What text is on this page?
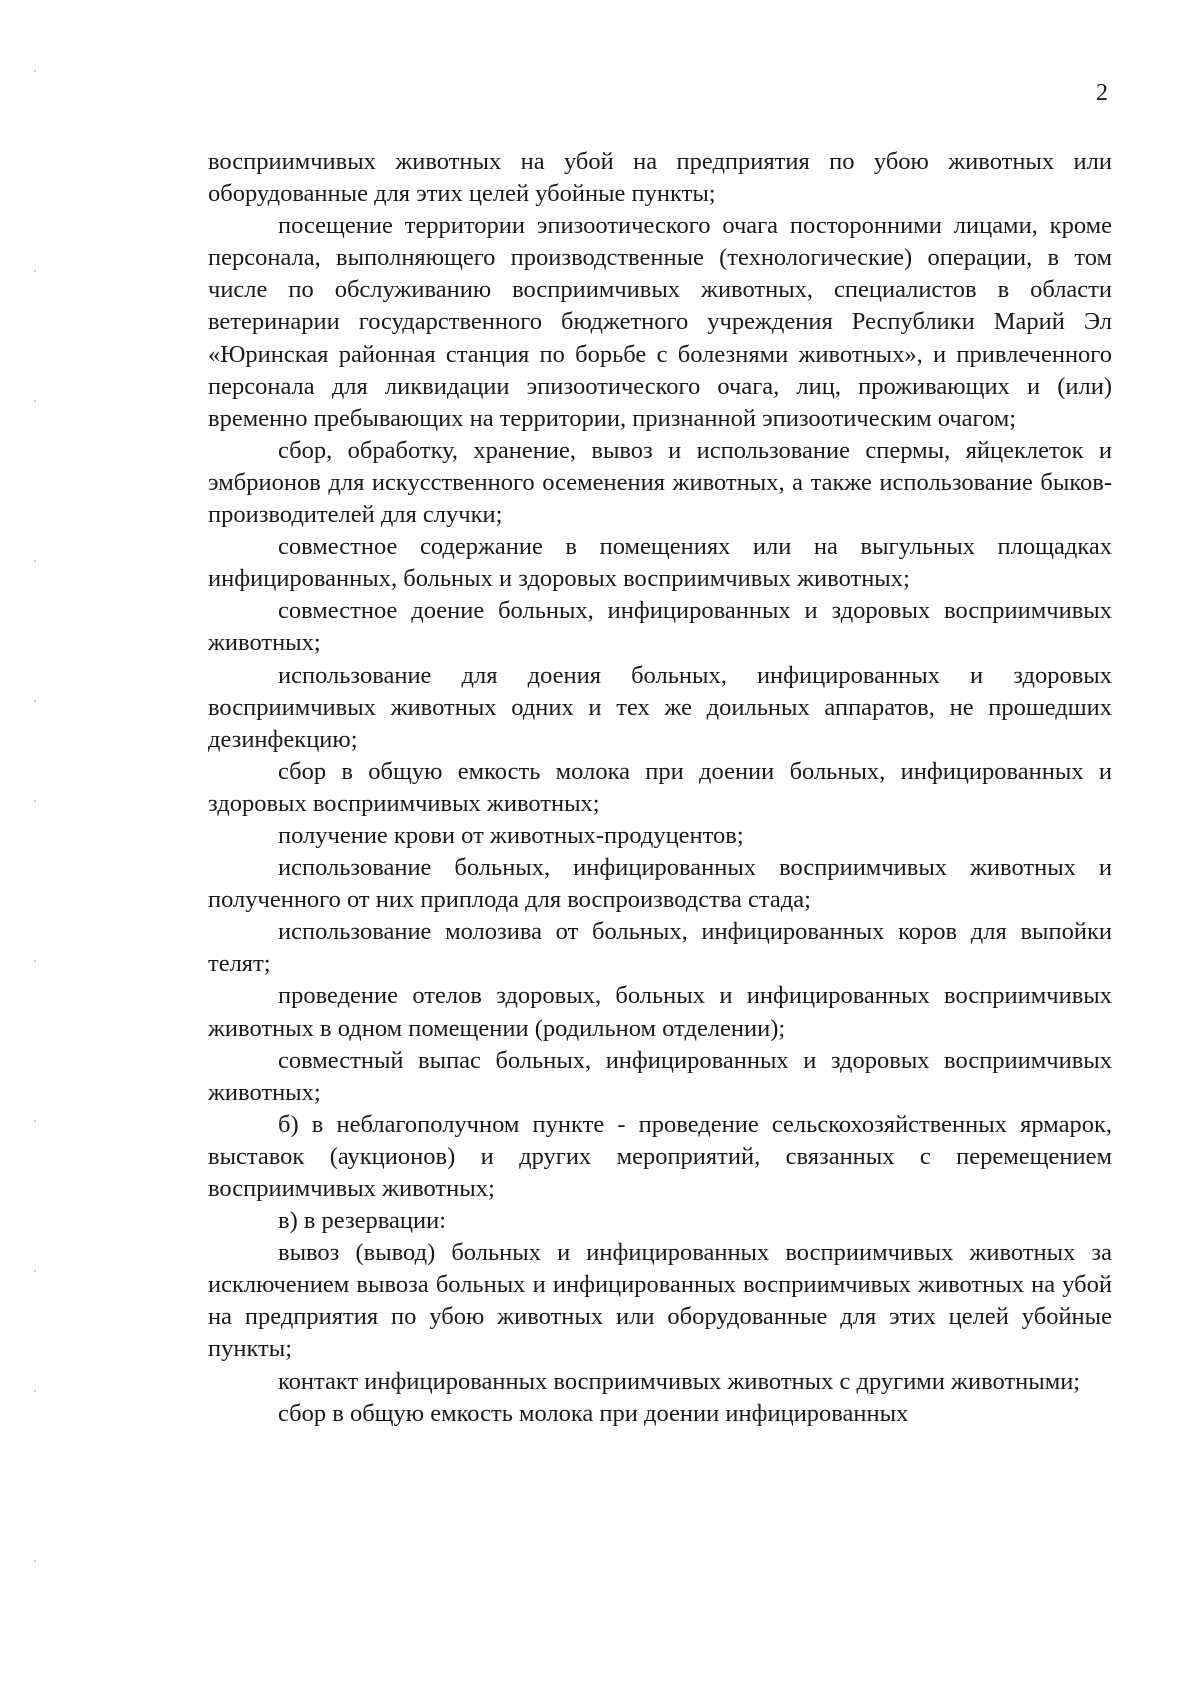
2

восприимчивых животных на убой на предприятия по убою животных или оборудованные для этих целей убойные пункты;

посещение территории эпизоотического очага посторонними лицами, кроме персонала, выполняющего производственные (технологические) операции, в том числе по обслуживанию восприимчивых животных, специалистов в области ветеринарии государственного бюджетного учреждения Республики Марий Эл «Юринская районная станция по борьбе с болезнями животных», и привлеченного персонала для ликвидации эпизоотического очага, лиц, проживающих и (или) временно пребывающих на территории, признанной эпизоотическим очагом;

сбор, обработку, хранение, вывоз и использование спермы, яйцеклеток и эмбрионов для искусственного осеменения животных, а также использование быков-производителей для случки;

совместное содержание в помещениях или на выгульных площадках инфицированных, больных и здоровых восприимчивых животных;

совместное доение больных, инфицированных и здоровых восприимчивых животных;

использование для доения больных, инфицированных и здоровых восприимчивых животных одних и тех же доильных аппаратов, не прошедших дезинфекцию;

сбор в общую емкость молока при доении больных, инфицированных и здоровых восприимчивых животных;

получение крови от животных-продуцентов;

использование больных, инфицированных восприимчивых животных и полученного от них приплода для воспроизводства стада;

использование молозива от больных, инфицированных коров для выпойки телят;

проведение отелов здоровых, больных и инфицированных восприимчивых животных в одном помещении (родильном отделении);

совместный выпас больных, инфицированных и здоровых восприимчивых животных;

б) в неблагополучном пункте - проведение сельскохозяйственных ярмарок, выставок (аукционов) и других мероприятий, связанных с перемещением восприимчивых животных;

в) в резервации:

вывоз (вывод) больных и инфицированных восприимчивых животных за исключением вывоза больных и инфицированных восприимчивых животных на убой на предприятия по убою животных или оборудованные для этих целей убойные пункты;

контакт инфицированных восприимчивых животных с другими животными;

сбор в общую емкость молока при доении инфицированных
